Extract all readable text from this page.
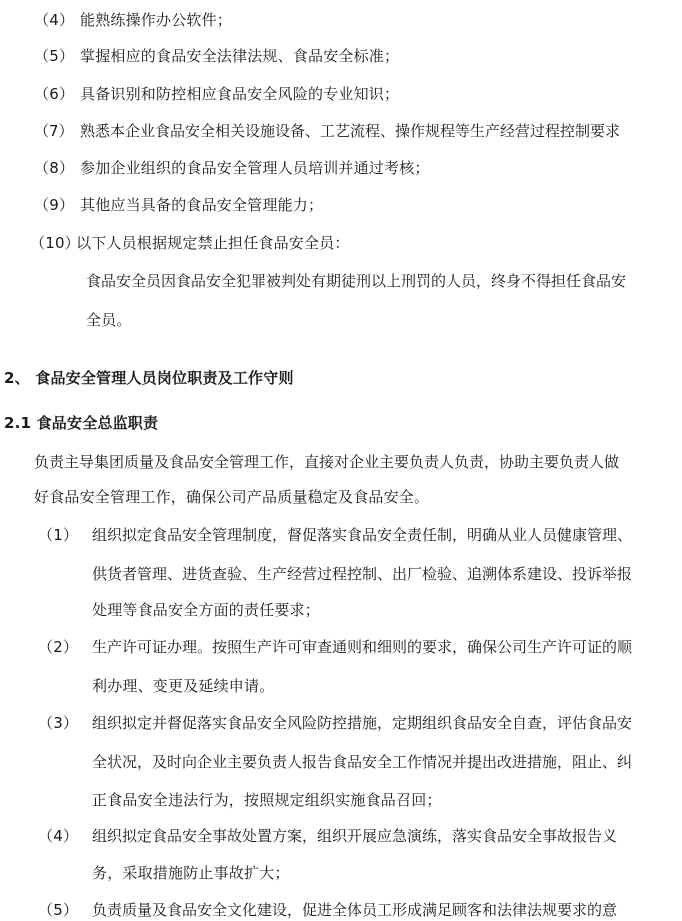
（4） 能熟练操作办公软件；
（5） 掌握相应的食品安全法律法规、食品安全标准；
（6） 具备识别和防控相应食品安全风险的专业知识；
（7） 熟悉本企业食品安全相关设施设备、工艺流程、操作规程等生产经营过程控制要求
（8） 参加企业组织的食品安全管理人员培训并通过考核；
（9） 其他应当具备的食品安全管理能力；
（10）以下人员根据规定禁止担任食品安全员：
食品安全员因食品安全犯罪被判处有期徒刑以上刑罚的人员，终身不得担任食品安
全员。
2、 食品安全管理人员岗位职责及工作守则
2.1 食品安全总监职责
负责主导集团质量及食品安全管理工作，直接对企业主要负责人负责，协助主要负责人做
好食品安全管理工作，确保公司产品质量稳定及食品安全。
（1） 组织拟定食品安全管理制度，督促落实食品安全责任制，明确从业人员健康管理、
供货者管理、进货查验、生产经营过程控制、出厂检验、追溯体系建设、投诉举报
处理等食品安全方面的责任要求；
（2） 生产许可证办理。按照生产许可审查通则和细则的要求，确保公司生产许可证的顺
利办理、变更及延续申请。
（3） 组织拟定并督促落实食品安全风险防控措施，定期组织食品安全自查，评估食品安
全状况，及时向企业主要负责人报告食品安全工作情况并提出改进措施，阻止、纠
正食品安全违法行为，按照规定组织实施食品召回；
（4） 组织拟定食品安全事故处置方案，组织开展应急演练，落实食品安全事故报告义
务，采取措施防止事故扩大；
（5） 负责质量及食品安全文化建设，促进全体员工形成满足顾客和法律法规要求的意
